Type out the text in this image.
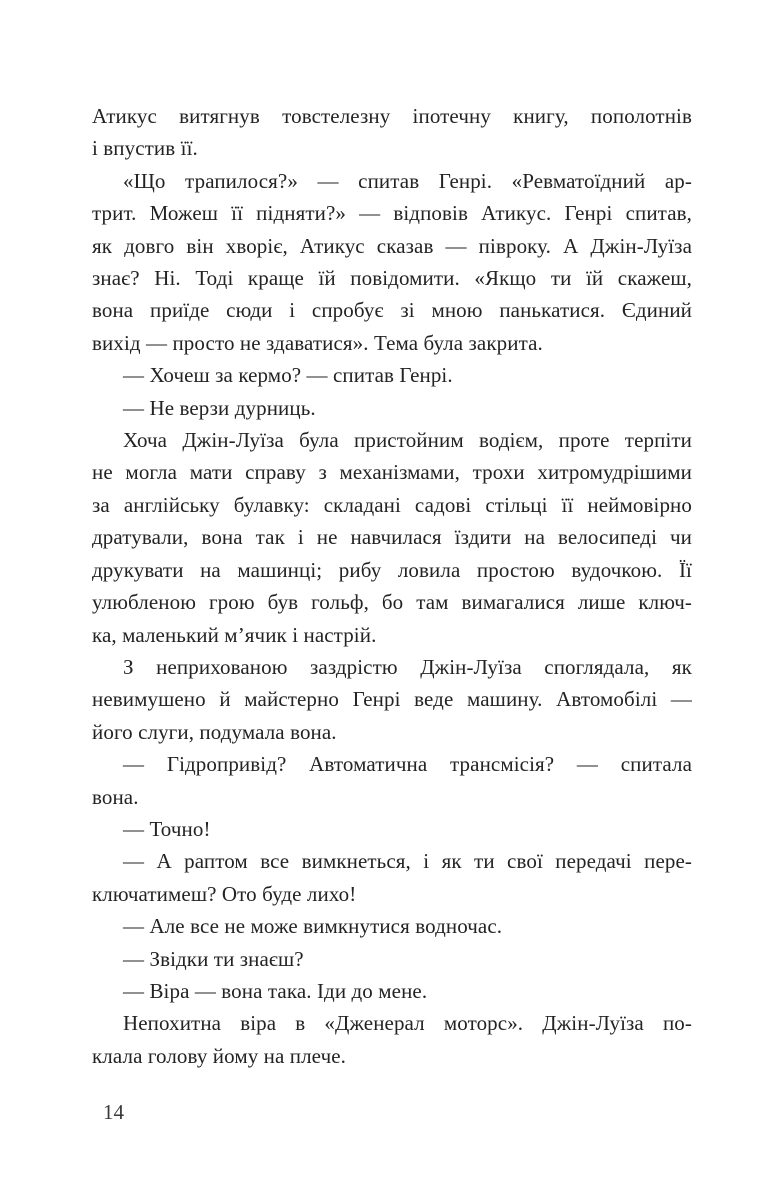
Атикус витягнув товстелезну іпотечну книгу, пополотнів
і впустив її.
«Що трапилося?» — спитав Генрі. «Ревматоїдний ар-
трит. Можеш її підняти?» — відповів Атикус. Генрі спитав,
як довго він хворіє, Атикус сказав — півроку. А Джін-Луїза
знає? Ні. Тоді краще їй повідомити. «Якщо ти їй скажеш,
вона приїде сюди і спробує зі мною панькатися. Єдиний
вихід — просто не здаватися». Тема була закрита.
— Хочеш за кермо? — спитав Генрі.
— Не верзи дурниць.
Хоча Джін-Луїза була пристойним водієм, проте терпіти
не могла мати справу з механізмами, трохи хитромудрішими
за англійську булавку: складані садові стільці її неймовірно
дратували, вона так і не навчилася їздити на велосипеді чи
друкувати на машинці; рибу ловила простою вудочкою. Її
улюбленою грою був гольф, бо там вимагалися лише ключ-
ка, маленький м’ячик і настрій.
З неприхованою заздрістю Джін-Луїза споглядала, як
невимушено й майстерно Генрі веде машину. Автомобілі —
його слуги, подумала вона.
— Гідропривід? Автоматична трансмісія? — спитала
вона.
— Точно!
— А раптом все вимкнеться, і як ти свої передачі пере-
ключатимеш? Ото буде лихо!
— Але все не може вимкнутися водночас.
— Звідки ти знаєш?
— Віра — вона така. Іди до мене.
Непохитна віра в «Дженерал моторс». Джін-Луїза по-
клала голову йому на плече.
14
